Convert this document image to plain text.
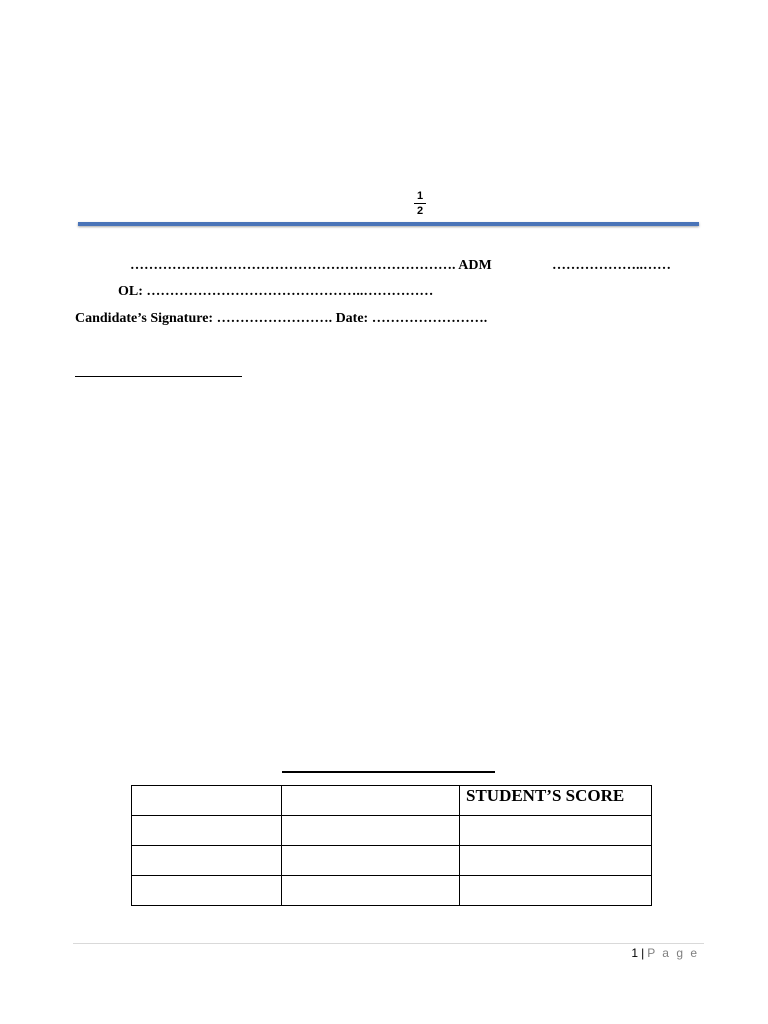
1
2
……………………………………………………………. ADM	………………..……
OL: ………………………………………..……………
Candidate’s Signature: ……………………. Date: …………………….
		STUDENT’S SCORE

1 | P a g e
